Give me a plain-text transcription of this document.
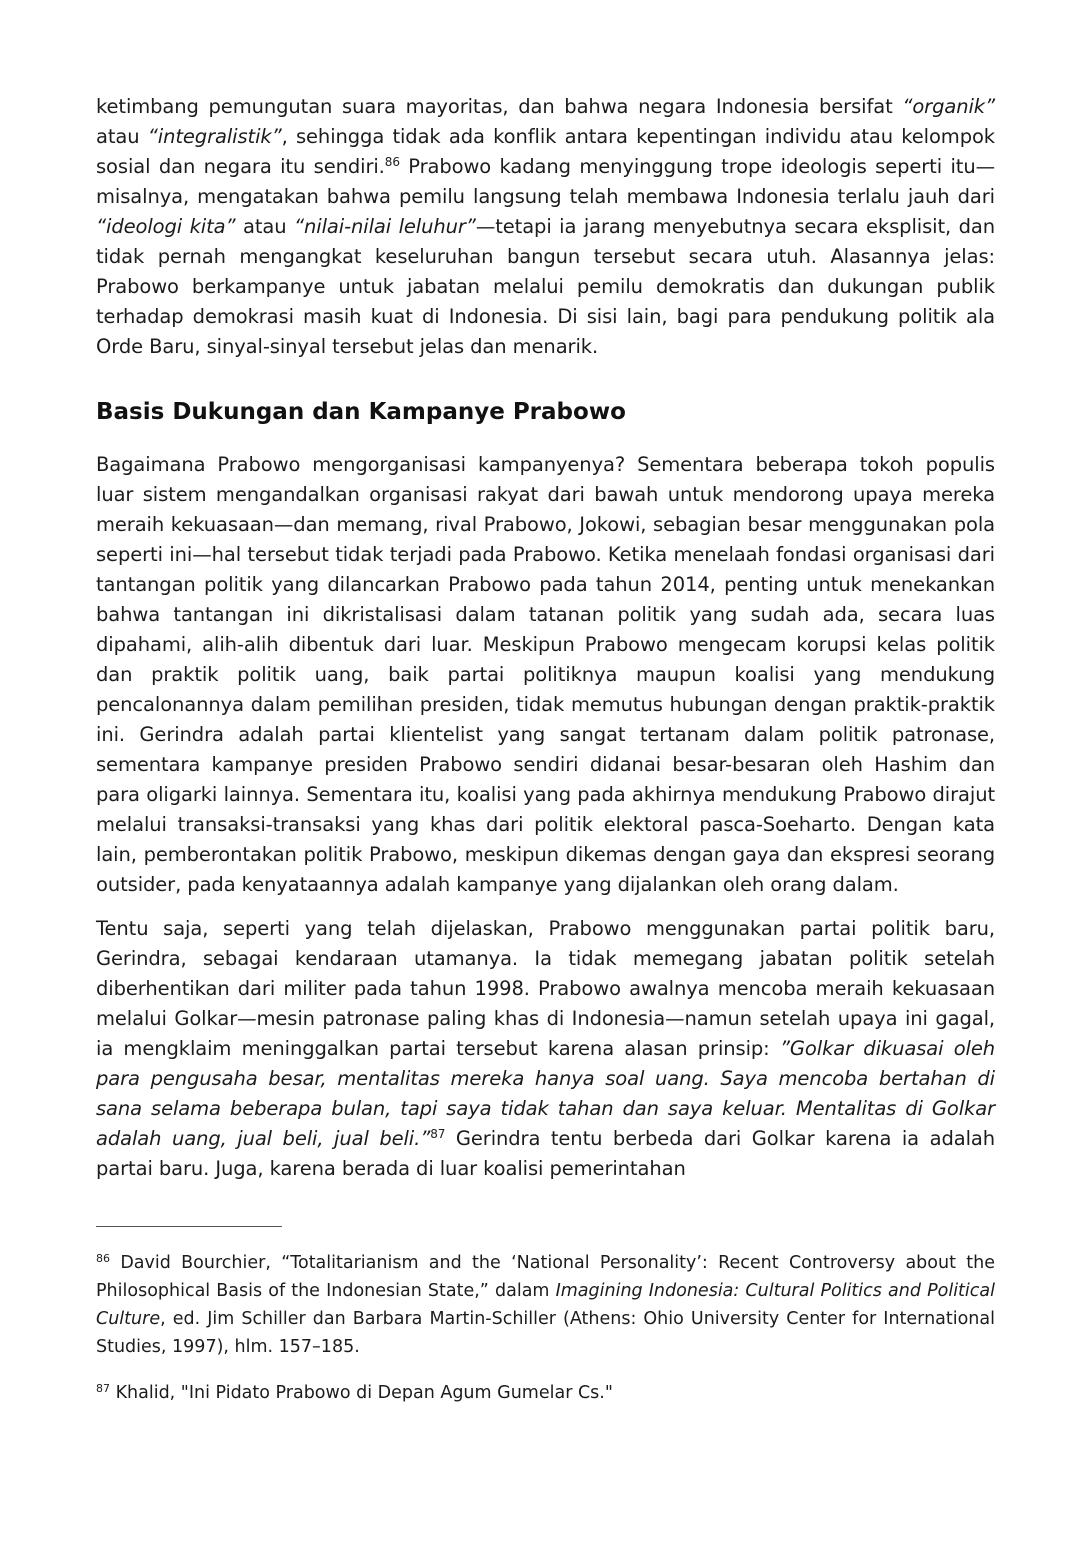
ketimbang pemungutan suara mayoritas, dan bahwa negara Indonesia bersifat “organik” atau “integralistik”, sehingga tidak ada konflik antara kepentingan individu atau kelompok sosial dan negara itu sendiri.$^{86}$ Prabowo kadang menyinggung trope ideologis seperti itu—misalnya, mengatakan bahwa pemilu langsung telah membawa Indonesia terlalu jauh dari “ideologi kita” atau “nilai-nilai leluhur”—tetapi ia jarang menyebutnya secara eksplisit, dan tidak pernah mengangkat keseluruhan bangun tersebut secara utuh. Alasannya jelas: Prabowo berkampanye untuk jabatan melalui pemilu demokratis dan dukungan publik terhadap demokrasi masih kuat di Indonesia. Di sisi lain, bagi para pendukung politik ala Orde Baru, sinyal-sinyal tersebut jelas dan menarik.

Basis Dukungan dan Kampanye Prabowo

Bagaimana Prabowo mengorganisasi kampanyenya? Sementara beberapa tokoh populis luar sistem mengandalkan organisasi rakyat dari bawah untuk mendorong upaya mereka meraih kekuasaan—dan memang, rival Prabowo, Jokowi, sebagian besar menggunakan pola seperti ini—hal tersebut tidak terjadi pada Prabowo. Ketika menelaah fondasi organisasi dari tantangan politik yang dilancarkan Prabowo pada tahun 2014, penting untuk menekankan bahwa tantangan ini dikristalisasi dalam tatanan politik yang sudah ada, secara luas dipahami, alih-alih dibentuk dari luar. Meskipun Prabowo mengecam korupsi kelas politik dan praktik politik uang, baik partai politiknya maupun koalisi yang mendukung pencalonannya dalam pemilihan presiden, tidak memutus hubungan dengan praktik-praktik ini. Gerindra adalah partai klientelist yang sangat tertanam dalam politik patronase, sementara kampanye presiden Prabowo sendiri didanai besar-besaran oleh Hashim dan para oligarki lainnya. Sementara itu, koalisi yang pada akhirnya mendukung Prabowo dirajut melalui transaksi-transaksi yang khas dari politik elektoral pasca-Soeharto. Dengan kata lain, pemberontakan politik Prabowo, meskipun dikemas dengan gaya dan ekspresi seorang outsider, pada kenyataannya adalah kampanye yang dijalankan oleh orang dalam.

Tentu saja, seperti yang telah dijelaskan, Prabowo menggunakan partai politik baru, Gerindra, sebagai kendaraan utamanya. Ia tidak memegang jabatan politik setelah diberhentikan dari militer pada tahun 1998. Prabowo awalnya mencoba meraih kekuasaan melalui Golkar—mesin patronase paling khas di Indonesia—namun setelah upaya ini gagal, ia mengklaim meninggalkan partai tersebut karena alasan prinsip: ”Golkar dikuasai oleh para pengusaha besar, mentalitas mereka hanya soal uang. Saya mencoba bertahan di sana selama beberapa bulan, tapi saya tidak tahan dan saya keluar. Mentalitas di Golkar adalah uang, jual beli, jual beli.”$^{87}$ Gerindra tentu berbeda dari Golkar karena ia adalah partai baru. Juga, karena berada di luar koalisi pemerintahan

$^{86}$ David Bourchier, “Totalitarianism and the ‘National Personality’: Recent Controversy about the Philosophical Basis of the Indonesian State,” dalam Imagining Indonesia: Cultural Politics and Political Culture, ed. Jim Schiller dan Barbara Martin-Schiller (Athens: Ohio University Center for International Studies, 1997), hlm. 157–185.

$^{87}$ Khalid, "Ini Pidato Prabowo di Depan Agum Gumelar Cs."
